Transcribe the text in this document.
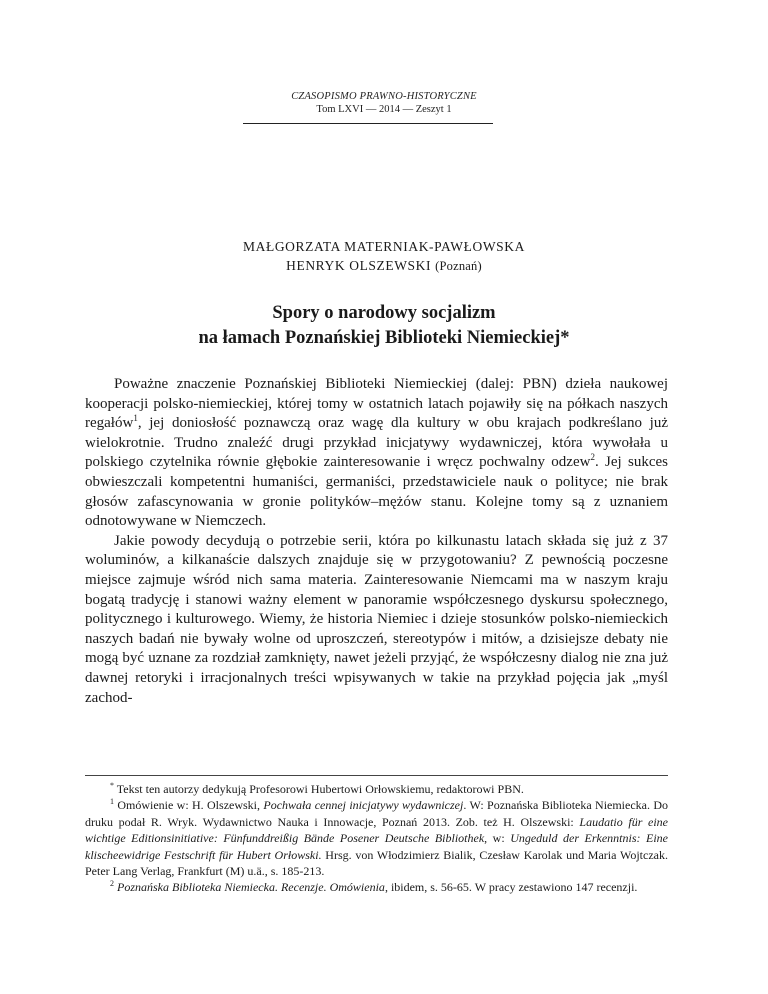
CZASOPISMO PRAWNO-HISTORYCZNE
Tom LXVI — 2014 — Zeszyt 1
MAŁGORZATA MATERNIAK-PAWŁOWSKA
HENRYK OLSZEWSKI (Poznań)
Spory o narodowy socjalizm
na łamach Poznańskiej Biblioteki Niemieckiej*

Poważne znaczenie Poznańskiej Biblioteki Niemieckiej (dalej: PBN) dzieła naukowej kooperacji polsko-niemieckiej, której tomy w ostatnich latach pojawiły się na półkach naszych regałów$^1$, jej doniosłość poznawczą oraz wagę dla kultury w obu krajach podkreślano już wielokrotnie. Trudno znaleźć drugi przykład inicjatywy wydawniczej, która wywołała u polskiego czytelnika równie głębokie zainteresowanie i wręcz pochwalny odzew$^2$. Jej sukces obwieszczali kompetentni humaniści, germaniści, przedstawiciele nauk o polityce; nie brak głosów zafascynowania w gronie polityków–mężów stanu. Kolejne tomy są z uznaniem odnotowywane w Niemczech.

Jakie powody decydują o potrzebie serii, która po kilkunastu latach składa się już z 37 woluminów, a kilkanaście dalszych znajduje się w przygotowaniu? Z pewnością poczesne miejsce zajmuje wśród nich sama materia. Zainteresowanie Niemcami ma w naszym kraju bogatą tradycję i stanowi ważny element w panoramie współczesnego dyskursu społecznego, politycznego i kulturowego. Wiemy, że historia Niemiec i dzieje stosunków polsko-niemieckich naszych badań nie bywały wolne od uproszczeń, stereotypów i mitów, a dzisiejsze debaty nie mogą być uznane za rozdział zamknięty, nawet jeżeli przyjąć, że współczesny dialog nie zna już dawnej retoryki i irracjonalnych treści wpisywanych w takie na przykład pojęcia jak „myśl zachod-

* Tekst ten autorzy dedykują Profesorowi Hubertowi Orłowskiemu, redaktorowi PBN.

$^1$ Omówienie w: H. Olszewski, Pochwała cennej inicjatywy wydawniczej. W: Poznańska Biblioteka Niemiecka. Do druku podał R. Wryk. Wydawnictwo Nauka i Innowacje, Poznań 2013. Zob. też H. Olszewski: Laudatio für eine wichtige Editionsinitiative: Fünfunddreißig Bände Posener Deutsche Bibliothek, w: Ungeduld der Erkenntnis: Eine klischeewidrige Festschrift für Hubert Orłowski. Hrsg. von Włodzimierz Bialik, Czesław Karolak und Maria Wojtczak. Peter Lang Verlag, Frankfurt (M) u.ä., s. 185-213.

$^2$ Poznańska Biblioteka Niemiecka. Recenzje. Omówienia, ibidem, s. 56-65. W pracy zestawiono 147 recenzji.
